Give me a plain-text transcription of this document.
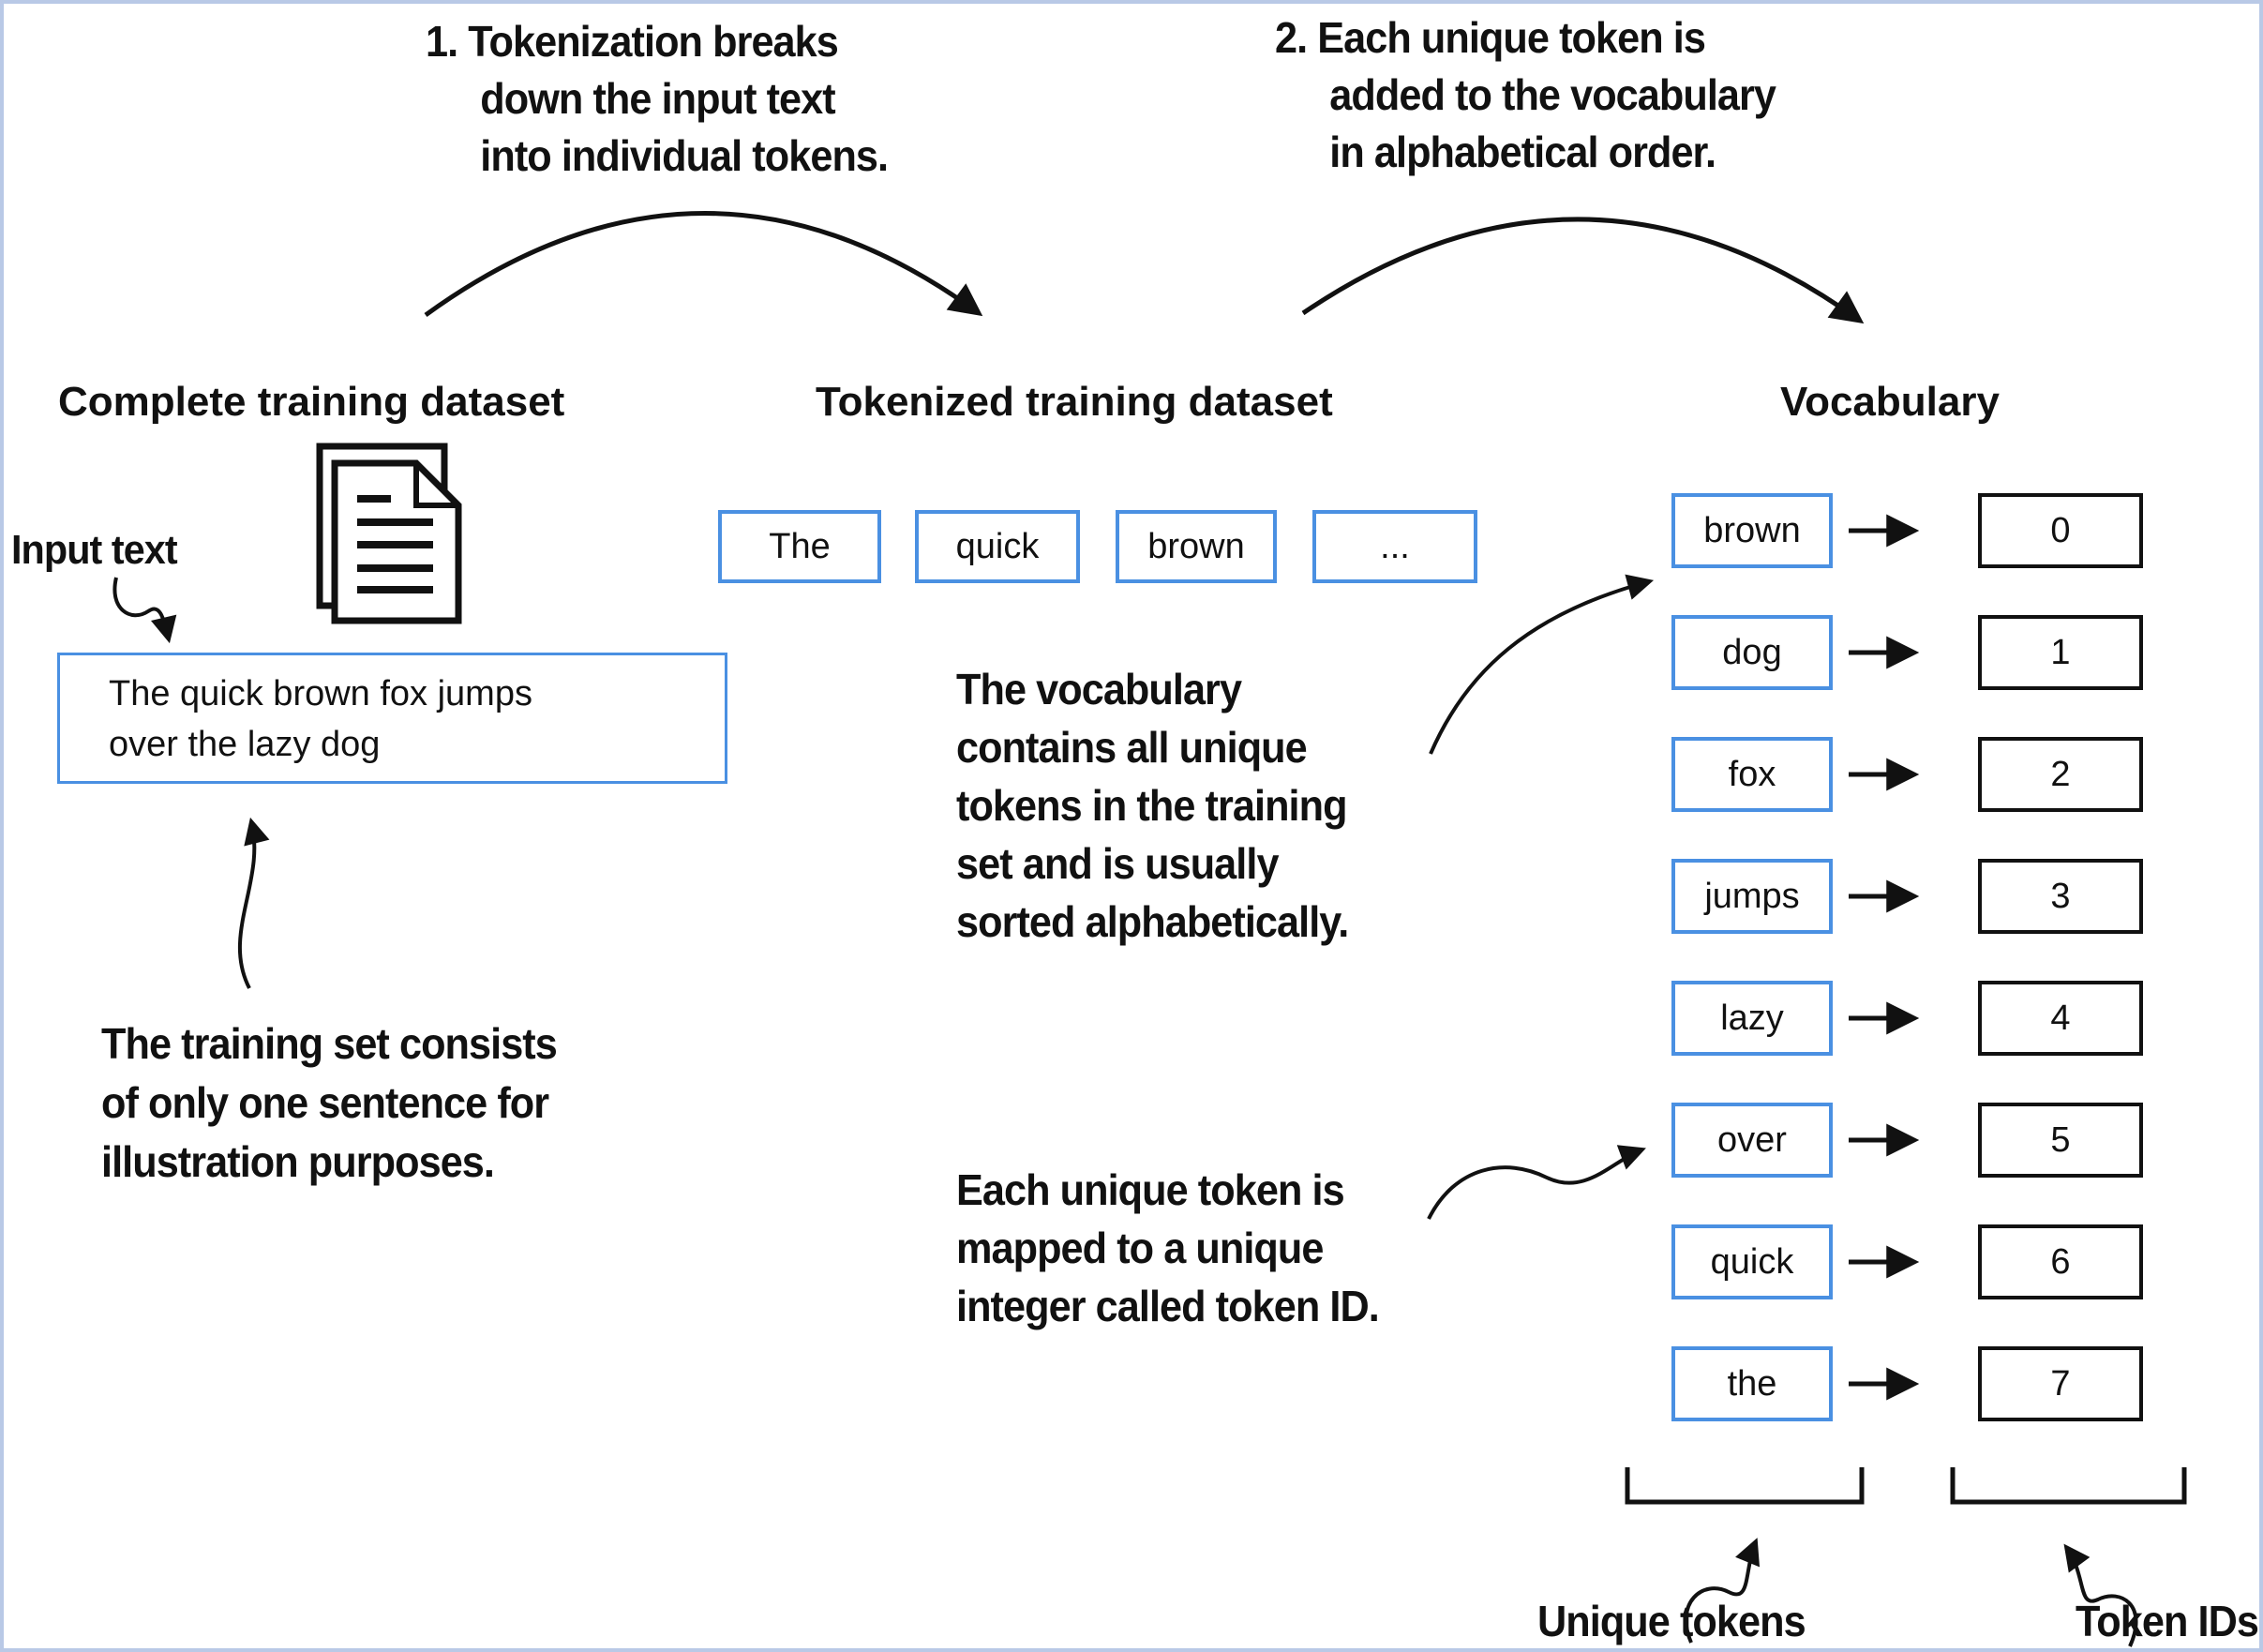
1. Tokenization breaks
down the input text
into individual tokens.
2. Each unique token is
added to the vocabulary
in alphabetical order.
Complete training dataset	Tokenized training dataset	Vocabulary
Input text
The quick brown fox jumps
over the lazy dog
The training set consists
of only one sentence for
illustration purposes.
The	quick	brown	...
The vocabulary
contains all unique
tokens in the training
set and is usually
sorted alphabetically.
Each unique token is
mapped to a unique
integer called token ID.
brown	0
dog	1
fox	2
jumps	3
lazy	4
over	5
quick	6
the	7
Unique tokens	Token IDs
